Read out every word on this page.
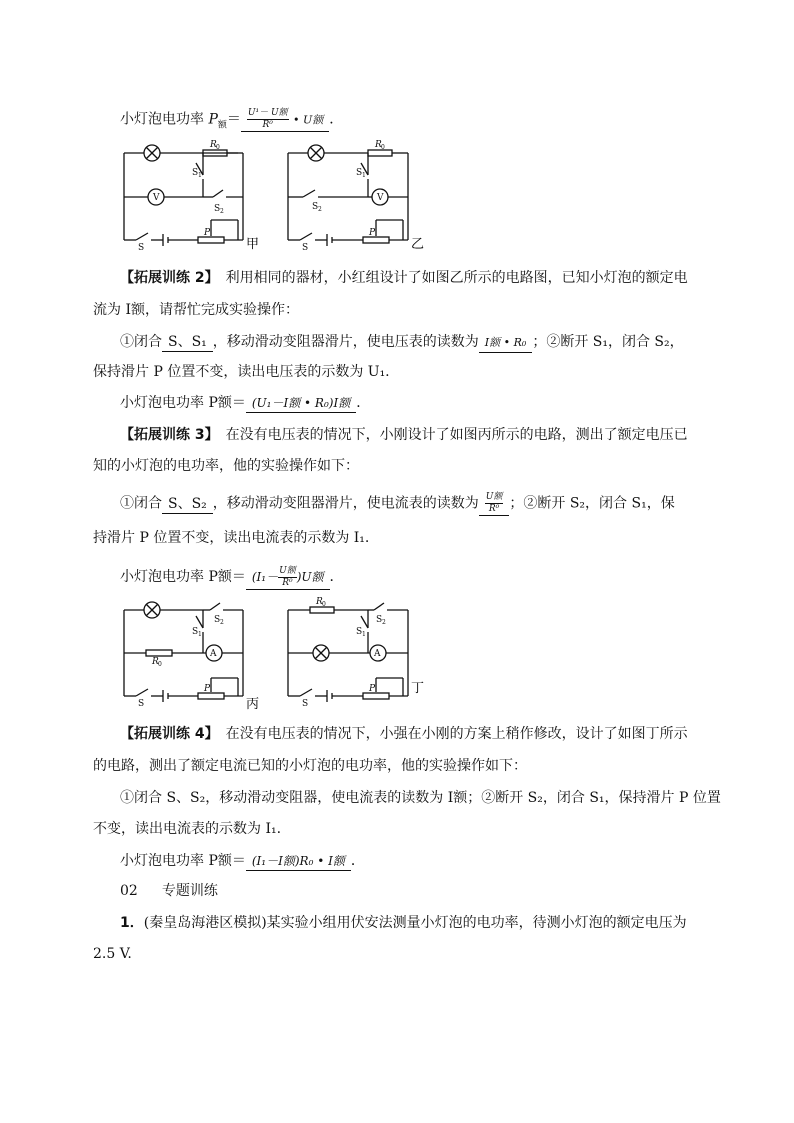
小灯泡电功率 $P_额= \frac{\text{U¹－ U额}}{\text{R⁰}}$ • U额 ．
R 0
S 1
S 2
V
S
P
R 0
S 1
S 2
V
S
P
甲	乙
【拓展训练 2】　利用相同的器材，小红组设计了如图乙所示的电路图，已知小灯泡的额定电
流为 I额，请帮忙完成实验操作：
①闭合 S、S₁ ，移动滑动变阻器滑片，使电压表的读数为 I额 • R₀ ；②断开 S₁，闭合 S₂，
保持滑片 P 位置不变，读出电压表的示数为 U₁.
小灯泡电功率 P额＝ (U₁－I额 • R₀)I额 ．
【拓展训练 3】　在没有电压表的情况下，小刚设计了如图丙所示的电路，测出了额定电压已
知的小灯泡的电功率，他的实验操作如下：
①闭合 S、S₂ ，移动滑动变阻器滑片，使电流表的读数为 $\frac{\text{U额}}{\text{R⁰}}$ ；②断开 S₂，闭合 S₁，保
持滑片 P 位置不变，读出电流表的示数为 I₁.
小灯泡电功率 P额＝ $(I_1- \frac{\text{U额}}{\text{R⁰}} )U$额 ．
S 1
S 2
R 0
A
S
P
R 0
S 1
S 2
A
S
P
丙
丁
【拓展训练 4】　在没有电压表的情况下，小强在小刚的方案上稍作修改，设计了如图丁所示
的电路，测出了额定电流已知的小灯泡的电功率，他的实验操作如下：
①闭合 S、S₂，移动滑动变阻器，使电流表的读数为 I额；②断开 S₂，闭合 S₁，保持滑片 P 位置
不变，读出电流表的示数为 I₁.
小灯泡电功率 P额＝ (I₁－I额)R₀ • I额 ．
02 专题训练
1．(秦皇岛海港区模拟)某实验小组用伏安法测量小灯泡的电功率，待测小灯泡的额定电压为
2.5 V.
